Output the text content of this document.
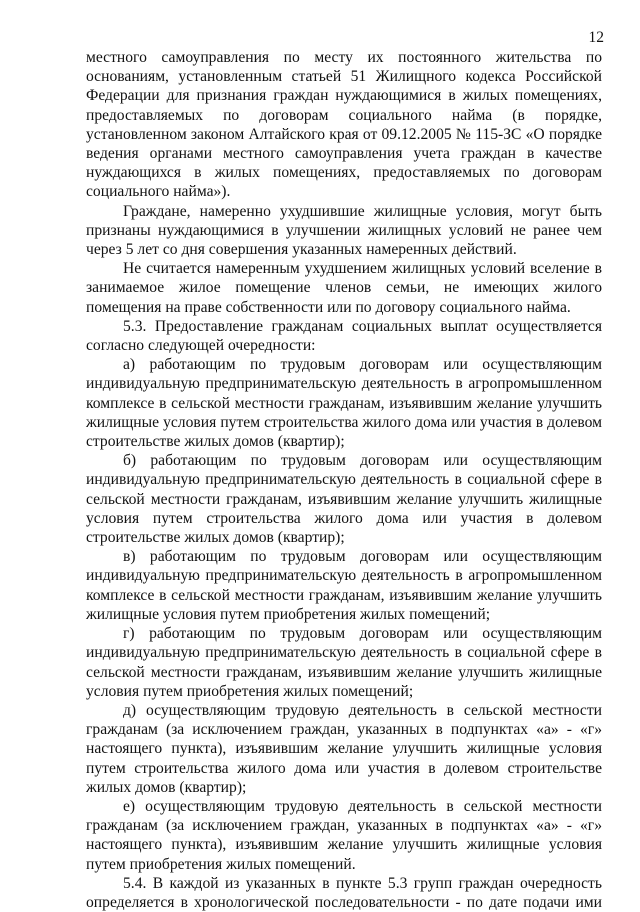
12

местного самоуправления по месту их постоянного жительства по основаниям, установленным статьей 51 Жилищного кодекса Российской Федерации для признания граждан нуждающимися в жилых помещениях, предоставляемых по договорам социального найма (в порядке, установленном законом Алтайского края от 09.12.2005 № 115-ЗС «О порядке ведения органами местного самоуправления учета граждан в качестве нуждающихся в жилых помещениях, предоставляемых по договорам социального найма»).

Граждане, намеренно ухудшившие жилищные условия, могут быть признаны нуждающимися в улучшении жилищных условий не ранее чем через 5 лет со дня совершения указанных намеренных действий.

Не считается намеренным ухудшением жилищных условий вселение в занимаемое жилое помещение членов семьи, не имеющих жилого помещения на праве собственности или по договору социального найма.

5.3. Предоставление гражданам социальных выплат осуществляется согласно следующей очередности:

а) работающим по трудовым договорам или осуществляющим индивидуальную предпринимательскую деятельность в агропромышленном комплексе в сельской местности гражданам, изъявившим желание улучшить жилищные условия путем строительства жилого дома или участия в долевом строительстве жилых домов (квартир);

б) работающим по трудовым договорам или осуществляющим индивидуальную предпринимательскую деятельность в социальной сфере в сельской местности гражданам, изъявившим желание улучшить жилищные условия путем строительства жилого дома или участия в долевом строительстве жилых домов (квартир);

в) работающим по трудовым договорам или осуществляющим индивидуальную предпринимательскую деятельность в агропромышленном комплексе в сельской местности гражданам, изъявившим желание улучшить жилищные условия путем приобретения жилых помещений;

г) работающим по трудовым договорам или осуществляющим индивидуальную предпринимательскую деятельность в социальной сфере в сельской местности гражданам, изъявившим желание улучшить жилищные условия путем приобретения жилых помещений;

д) осуществляющим трудовую деятельность в сельской местности гражданам (за исключением граждан, указанных в подпунктах «а» - «г» настоящего пункта), изъявившим желание улучшить жилищные условия путем строительства жилого дома или участия в долевом строительстве жилых домов (квартир);

е) осуществляющим трудовую деятельность в сельской местности гражданам (за исключением граждан, указанных в подпунктах «а» - «г» настоящего пункта), изъявившим желание улучшить жилищные условия путем приобретения жилых помещений.

5.4. В каждой из указанных в пункте 5.3 групп граждан очередность определяется в хронологической последовательности - по дате подачи ими
